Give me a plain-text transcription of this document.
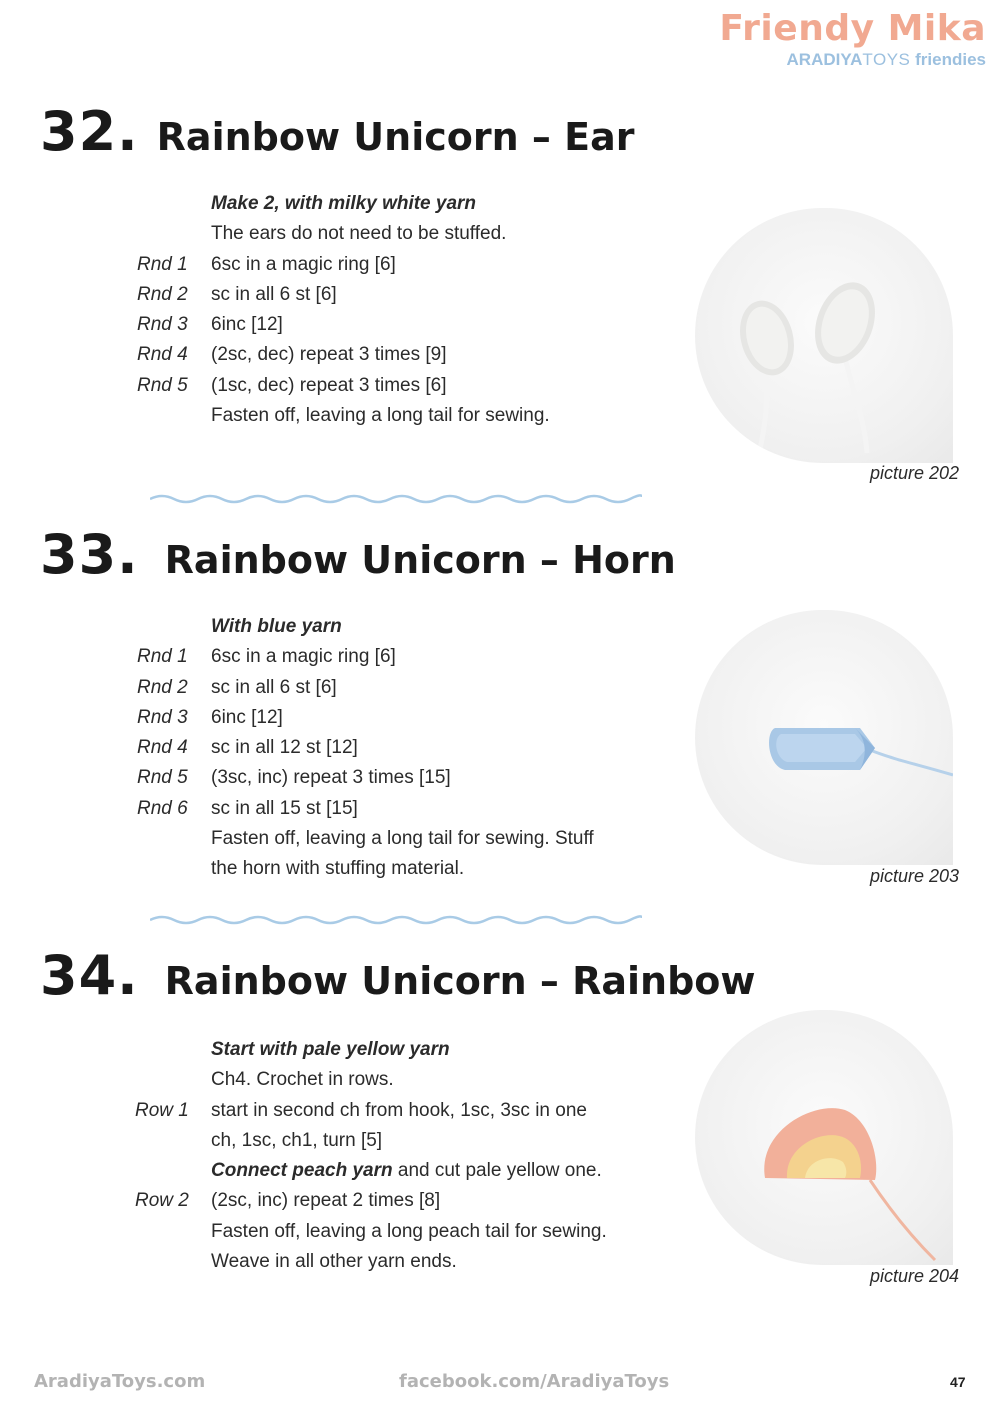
Friendy Mika
ARADIYATOYS friendies
32. Rainbow Unicorn – Ear
Make 2, with milky white yarn
The ears do not need to be stuffed.
Rnd 1 6sc in a magic ring [6]
Rnd 2 sc in all 6 st [6]
Rnd 3 6inc [12]
Rnd 4 (2sc, dec) repeat 3 times [9]
Rnd 5 (1sc, dec) repeat 3 times [6]
Fasten off, leaving a long tail for sewing.
picture 202
33. Rainbow Unicorn – Horn
With blue yarn
Rnd 1 6sc in a magic ring [6]
Rnd 2 sc in all 6 st [6]
Rnd 3 6inc [12]
Rnd 4 sc in all 12 st [12]
Rnd 5 (3sc, inc) repeat 3 times [15]
Rnd 6 sc in all 15 st [15]
Fasten off, leaving a long tail for sewing. Stuff
the horn with stuffing material.	picture 203
34. Rainbow Unicorn – Rainbow
Start with pale yellow yarn
Ch4. Crochet in rows.
Row 1 start in second ch from hook, 1sc, 3sc in one
ch, 1sc, ch1, turn [5]
Connect peach yarn and cut pale yellow one.
Row 2 (2sc, inc) repeat 2 times [8]
Fasten off, leaving a long peach tail for sewing.
Weave in all other yarn ends.
picture 204
AradiyaToys.com	facebook.com/AradiyaToys	47
